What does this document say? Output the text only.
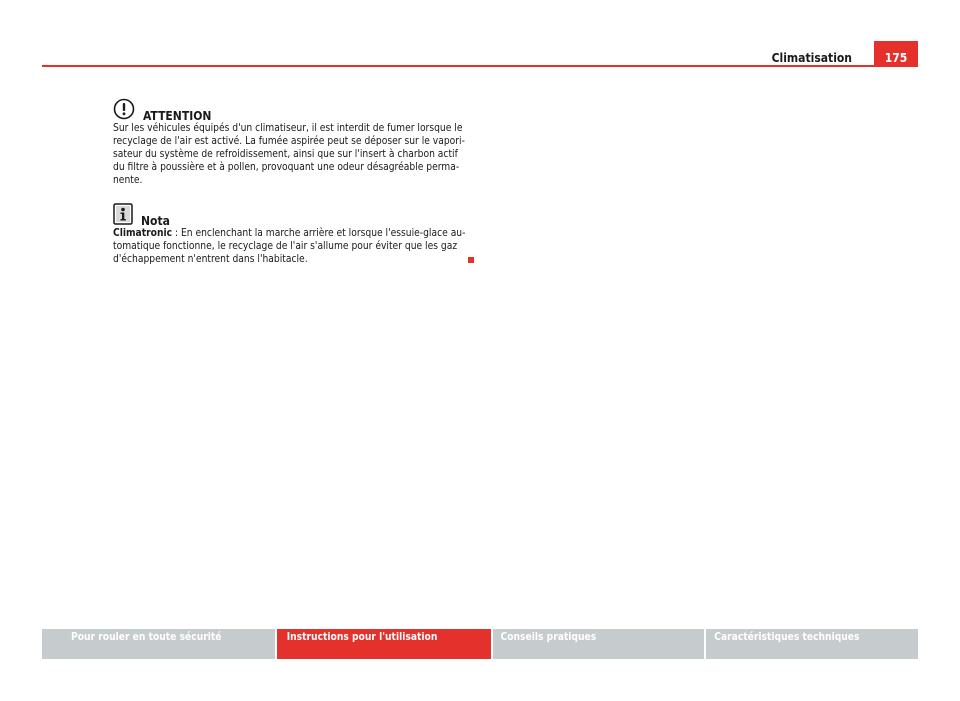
Climatisation	175
ATTENTION
Sur les véhicules équipés d'un climatiseur, il est interdit de fumer lorsque le
recyclage de l'air est activé. La fumée aspirée peut se déposer sur le vapori-
sateur du système de refroidissement, ainsi que sur l'insert à charbon actif
du filtre à poussière et à pollen, provoquant une odeur désagréable perma-
nente.
Nota
Climatronic : En enclenchant la marche arrière et lorsque l'essuie-glace au-
tomatique fonctionne, le recyclage de l'air s'allume pour éviter que les gaz
d'échappement n'entrent dans l'habitacle.
Pour rouler en toute sécurité	Instructions pour l'utilisation	Conseils pratiques	Caractéristiques techniques
